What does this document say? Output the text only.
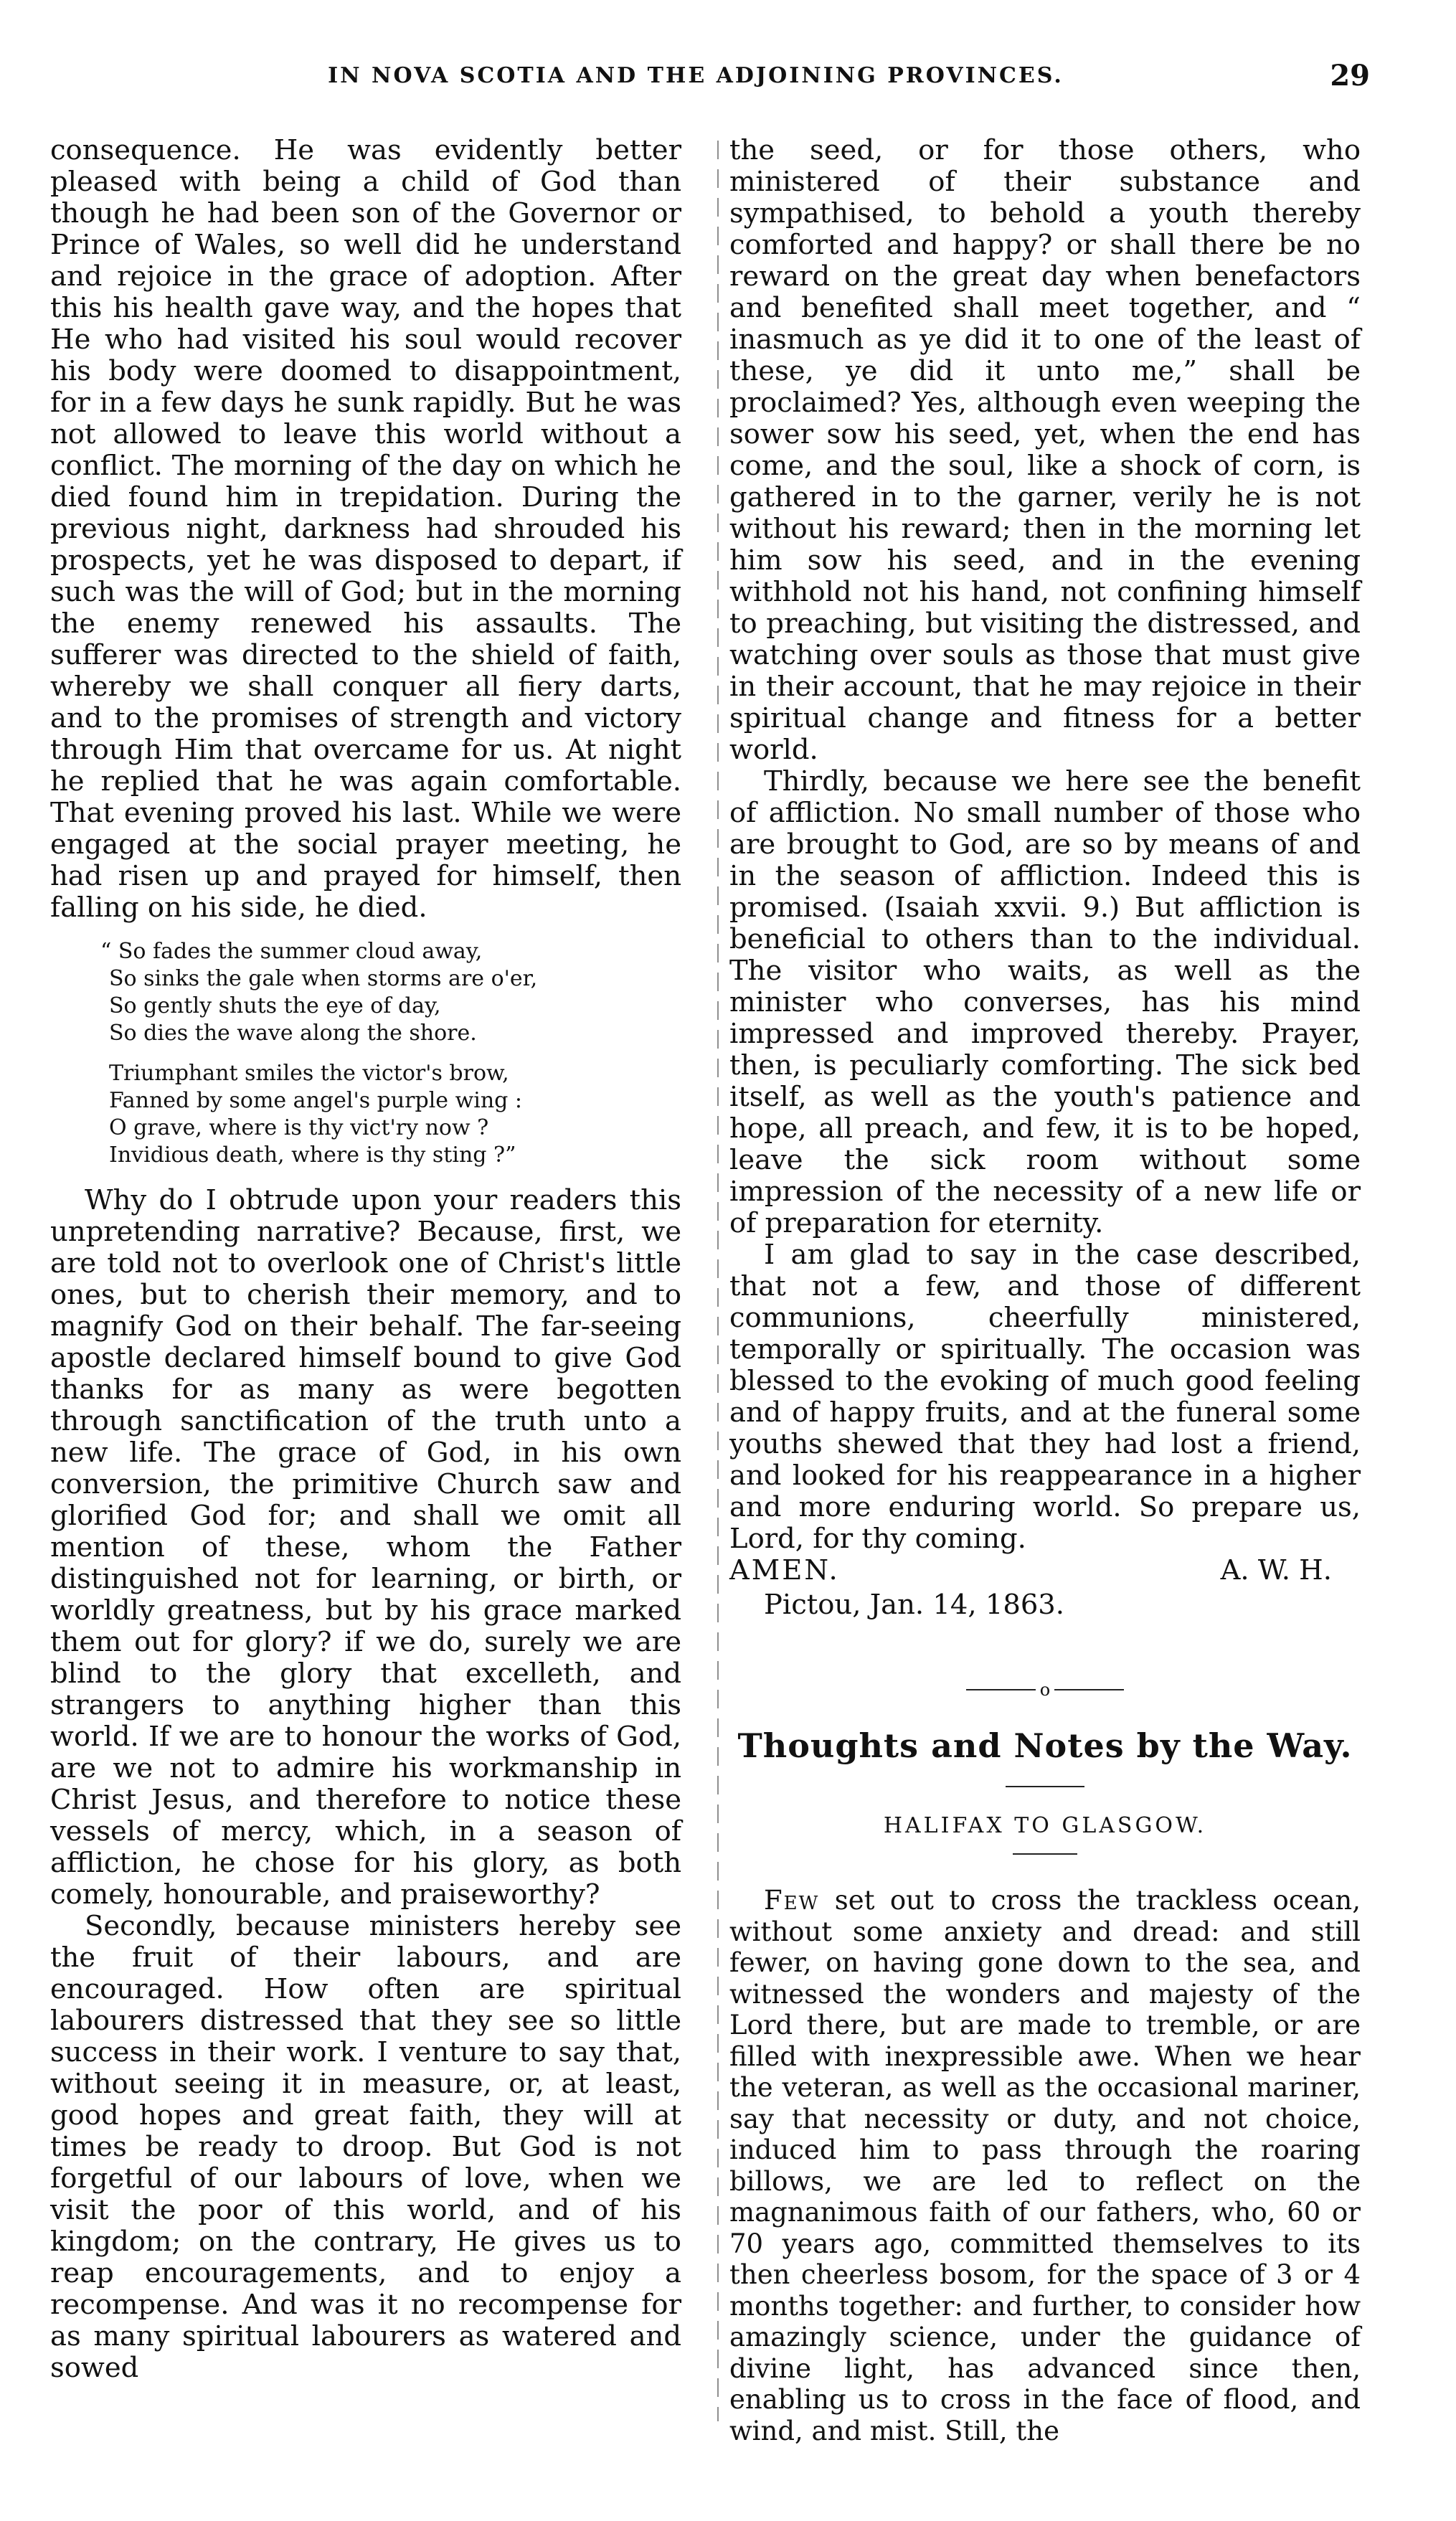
IN NOVA SCOTIA AND THE ADJOINING PROVINCES.	29

consequence. He was evidently better pleased with being a child of God than though he had been son of the Governor or Prince of Wales, so well did he understand and rejoice in the grace of adoption. After this his health gave way, and the hopes that He who had visited his soul would recover his body were doomed to disappointment, for in a few days he sunk rapidly. But he was not allowed to leave this world without a conflict. The morning of the day on which he died found him in trepidation. During the previous night, darkness had shrouded his prospects, yet he was disposed to depart, if such was the will of God; but in the morning the enemy renewed his assaults. The sufferer was directed to the shield of faith, whereby we shall conquer all fiery darts, and to the promises of strength and victory through Him that overcame for us. At night he replied that he was again comfortable. That evening proved his last. While we were engaged at the social prayer meeting, he had risen up and prayed for himself, then falling on his side, he died.

“ So fades the summer cloud away,
So sinks the gale when storms are o'er,
So gently shuts the eye of day,
So dies the wave along the shore.
Triumphant smiles the victor's brow,
Fanned by some angel's purple wing :
O grave, where is thy vict'ry now ?
Invidious death, where is thy sting ?”

Why do I obtrude upon your readers this unpretending narrative? Because, first, we are told not to overlook one of Christ's little ones, but to cherish their memory, and to magnify God on their behalf. The far-seeing apostle declared himself bound to give God thanks for as many as were begotten through sanctification of the truth unto a new life. The grace of God, in his own conversion, the primitive Church saw and glorified God for; and shall we omit all mention of these, whom the Father distinguished not for learning, or birth, or worldly greatness, but by his grace marked them out for glory? if we do, surely we are blind to the glory that excelleth, and strangers to anything higher than this world. If we are to honour the works of God, are we not to admire his workmanship in Christ Jesus, and therefore to notice these vessels of mercy, which, in a season of affliction, he chose for his glory, as both comely, honourable, and praiseworthy?

Secondly, because ministers hereby see the fruit of their labours, and are encouraged. How often are spiritual labourers distressed that they see so little success in their work. I venture to say that, without seeing it in measure, or, at least, good hopes and great faith, they will at times be ready to droop. But God is not forgetful of our labours of love, when we visit the poor of this world, and of his kingdom; on the contrary, He gives us to reap encouragements, and to enjoy a recompense. And was it no recompense for as many spiritual labourers as watered and sowed

the seed, or for those others, who ministered of their substance and sympathised, to behold a youth thereby comforted and happy? or shall there be no reward on the great day when benefactors and benefited shall meet together, and “ inasmuch as ye did it to one of the least of these, ye did it unto me,” shall be proclaimed? Yes, although even weeping the sower sow his seed, yet, when the end has come, and the soul, like a shock of corn, is gathered in to the garner, verily he is not without his reward; then in the morning let him sow his seed, and in the evening withhold not his hand, not confining himself to preaching, but visiting the distressed, and watching over souls as those that must give in their account, that he may rejoice in their spiritual change and fitness for a better world.

Thirdly, because we here see the benefit of affliction. No small number of those who are brought to God, are so by means of and in the season of affliction. Indeed this is promised. (Isaiah xxvii. 9.) But affliction is beneficial to others than to the individual. The visitor who waits, as well as the minister who converses, has his mind impressed and improved thereby. Prayer, then, is peculiarly comforting. The sick bed itself, as well as the youth's patience and hope, all preach, and few, it is to be hoped, leave the sick room without some impression of the necessity of a new life or of preparation for eternity.

I am glad to say in the case described, that not a few, and those of different communions, cheerfully ministered, temporally or spiritually. The occasion was blessed to the evoking of much good feeling and of happy fruits, and at the funeral some youths shewed that they had lost a friend, and looked for his reappearance in a higher and more enduring world. So prepare us, Lord, for thy coming.

AMEN.	A. W. H.
Pictou, Jan. 14, 1863.
o
Thoughts and Notes by the Way.
HALIFAX TO GLASGOW.

Few set out to cross the trackless ocean, without some anxiety and dread: and still fewer, on having gone down to the sea, and witnessed the wonders and majesty of the Lord there, but are made to tremble, or are filled with inexpressible awe. When we hear the veteran, as well as the occasional mariner, say that necessity or duty, and not choice, induced him to pass through the roaring billows, we are led to reflect on the magnanimous faith of our fathers, who, 60 or 70 years ago, committed themselves to its then cheerless bosom, for the space of 3 or 4 months together: and further, to consider how amazingly science, under the guidance of divine light, has advanced since then, enabling us to cross in the face of flood, and wind, and mist. Still, the
